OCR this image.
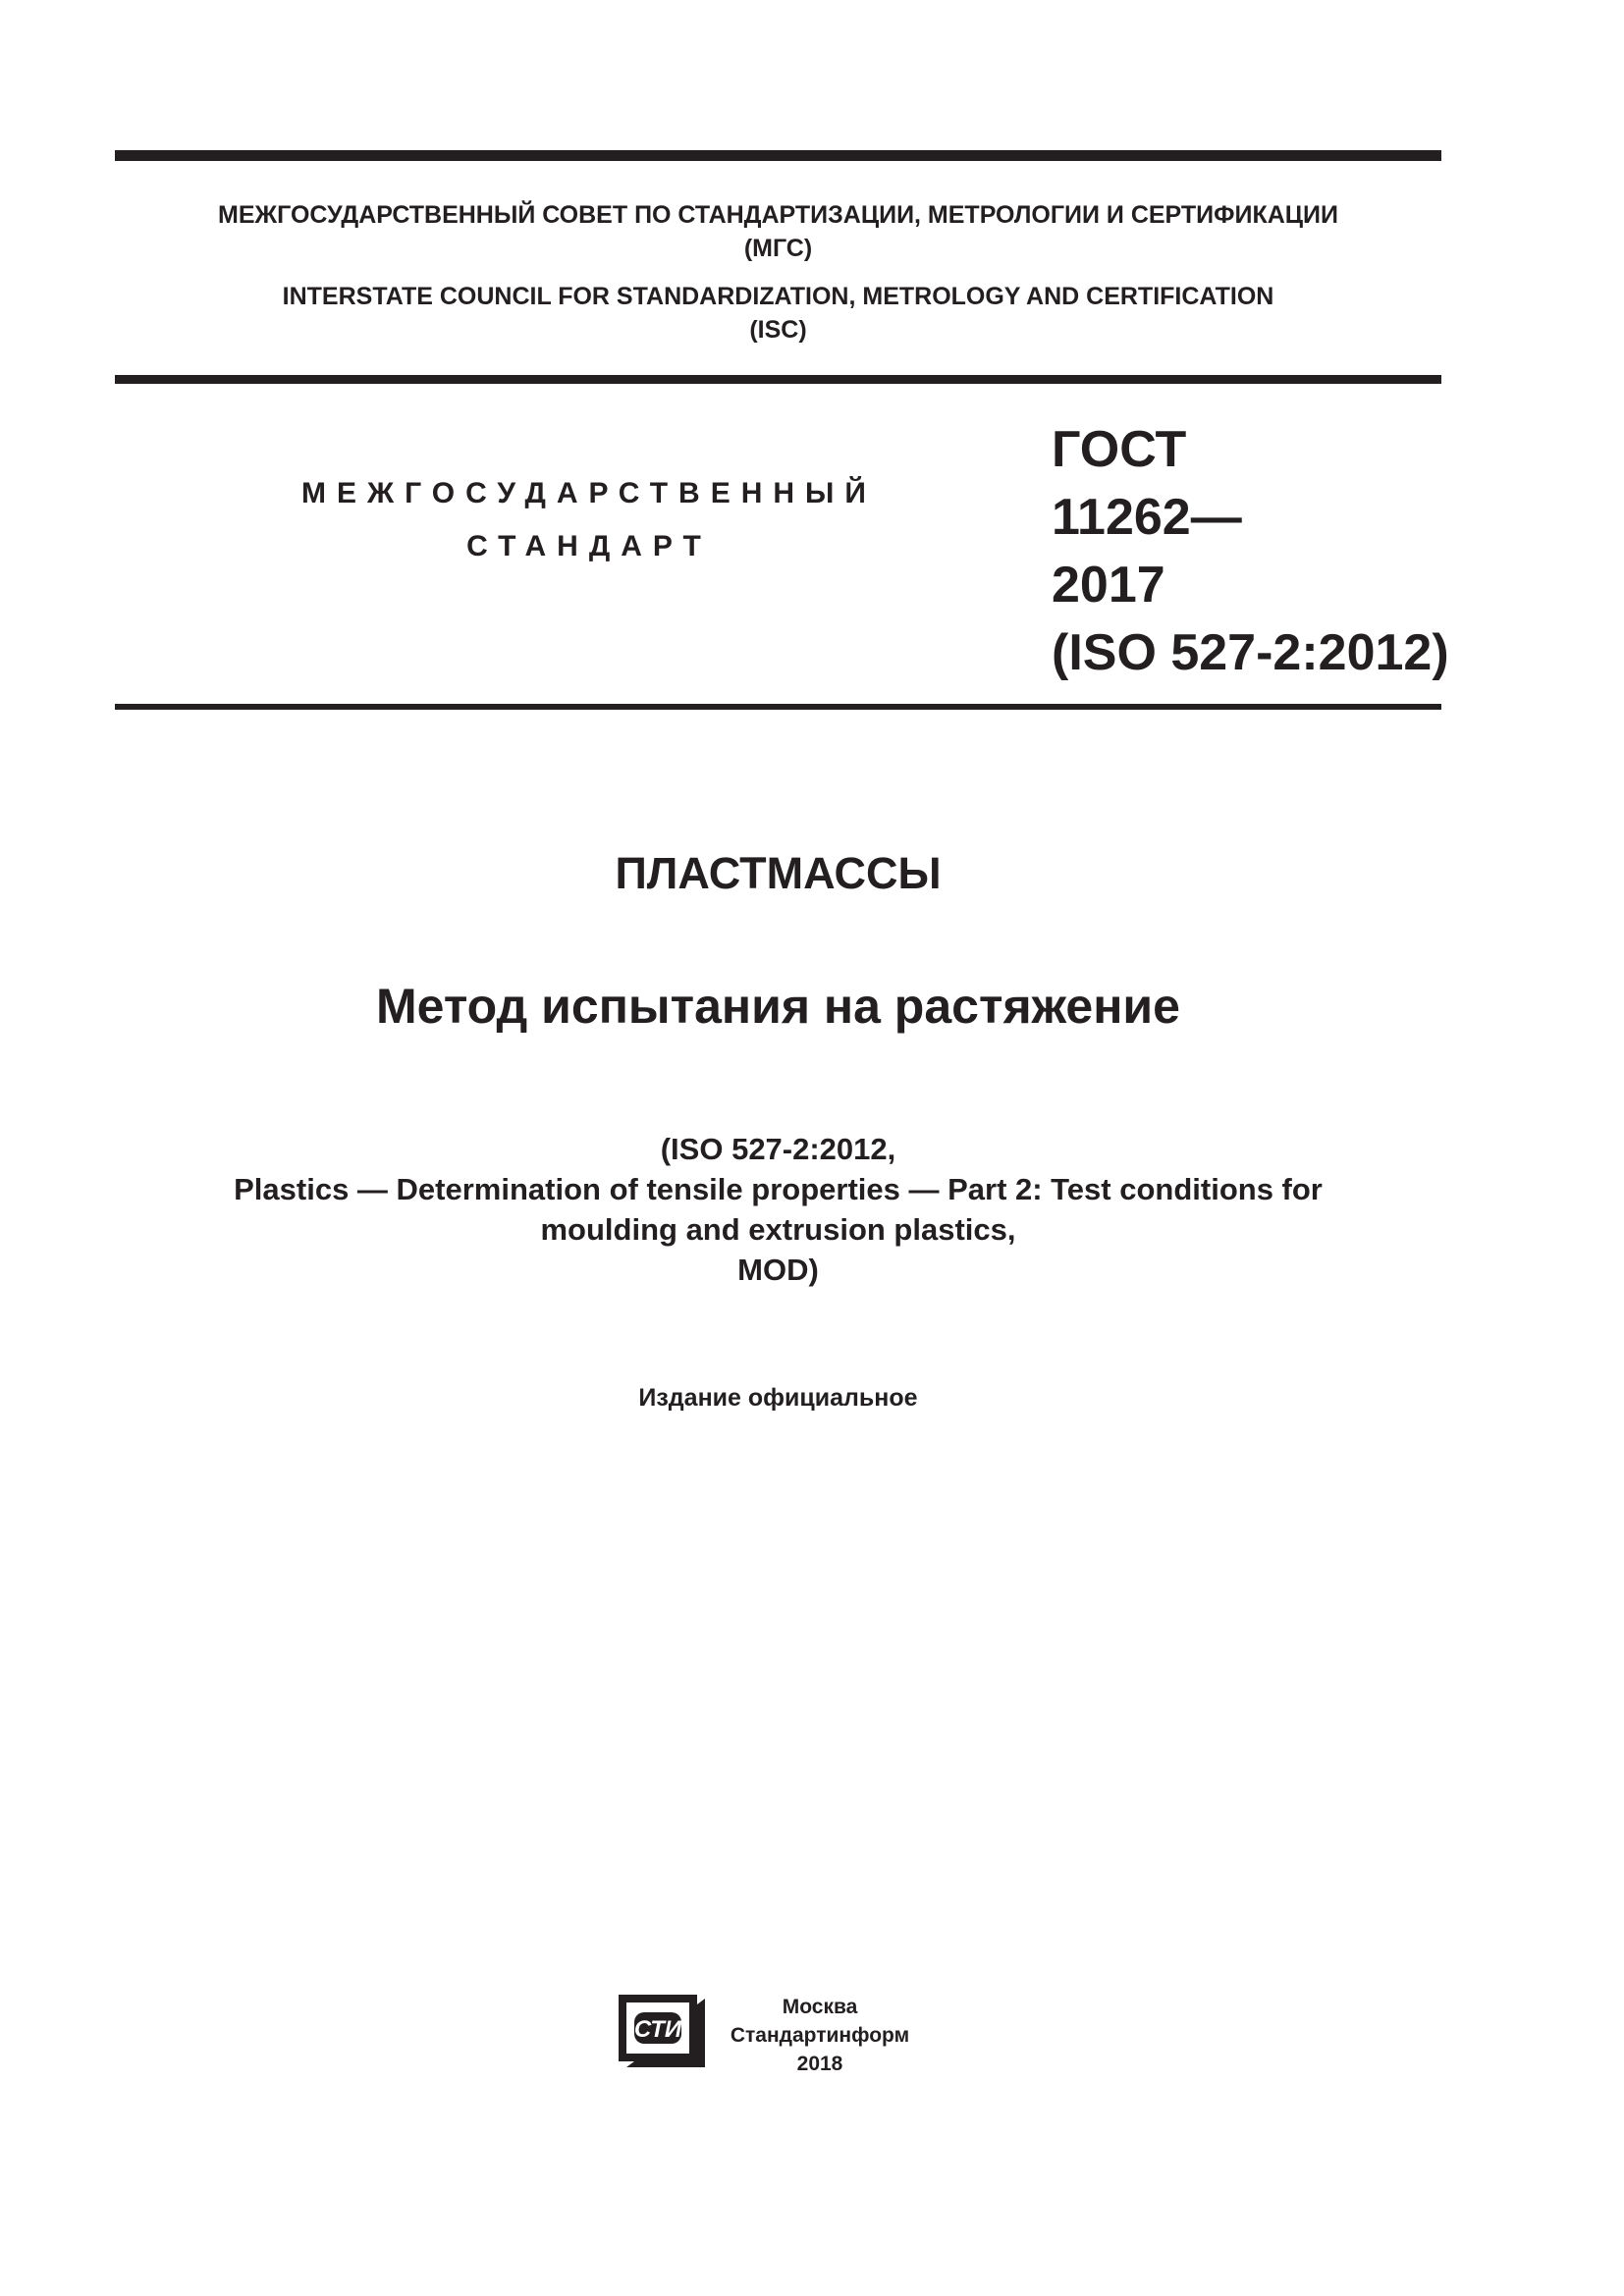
МЕЖГОСУДАРСТВЕННЫЙ СОВЕТ ПО СТАНДАРТИЗАЦИИ, МЕТРОЛОГИИ И СЕРТИФИКАЦИИ
(МГС)
INTERSTATE COUNCIL FOR STANDARDIZATION, METROLOGY AND CERTIFICATION
(ISC)
МЕЖГОСУДАРСТВЕННЫЙ
СТАНДАРТ
ГОСТ
11262—
2017
(ISO 527-2:2012)
ПЛАСТМАССЫ
Метод испытания на растяжение
(ISO 527-2:2012,
Plastics — Determination of tensile properties — Part 2: Test conditions for
moulding and extrusion plastics,
MOD)
Издание официальное
СТИ
Москва
Стандартинформ
2018
